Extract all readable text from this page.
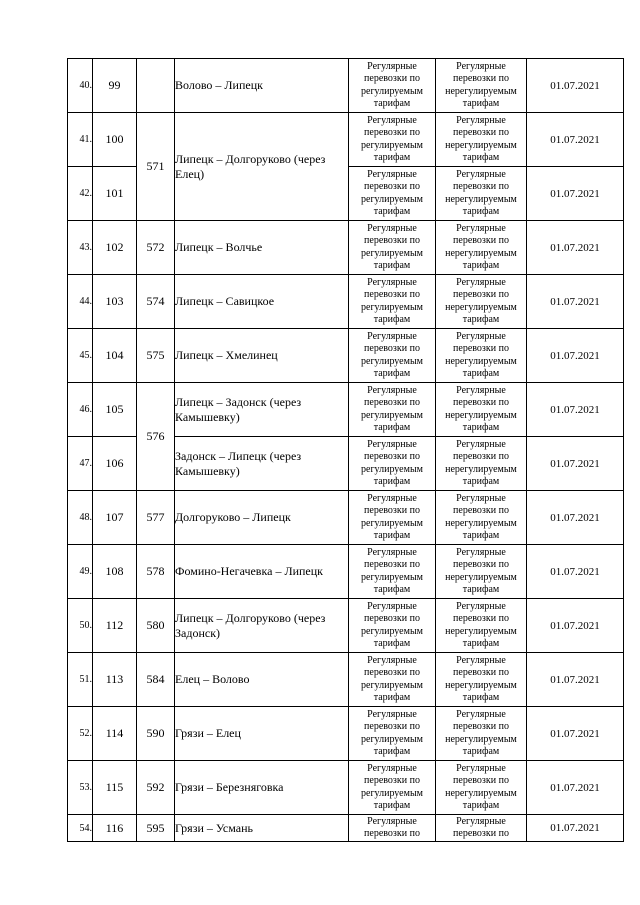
40.	99		Волово – Липецк	Регулярные перевозки по регулируемым тарифам	Регулярные перевозки по нерегулируемым тарифам	01.07.2021
41.	100	571	Липецк – Долгоруково (через Елец)	Регулярные перевозки по регулируемым тарифам	Регулярные перевозки по нерегулируемым тарифам	01.07.2021
42.	101			Регулярные перевозки по регулируемым тарифам	Регулярные перевозки по нерегулируемым тарифам	01.07.2021
43.	102	572	Липецк – Волчье	Регулярные перевозки по регулируемым тарифам	Регулярные перевозки по нерегулируемым тарифам	01.07.2021
44.	103	574	Липецк – Савицкое	Регулярные перевозки по регулируемым тарифам	Регулярные перевозки по нерегулируемым тарифам	01.07.2021
45.	104	575	Липецк – Хмелинец	Регулярные перевозки по регулируемым тарифам	Регулярные перевозки по нерегулируемым тарифам	01.07.2021
46.	105	576	Липецк – Задонск (через Камышевку)	Регулярные перевозки по регулируемым тарифам	Регулярные перевозки по нерегулируемым тарифам	01.07.2021
47.	106		Задонск – Липецк (через Камышевку)	Регулярные перевозки по регулируемым тарифам	Регулярные перевозки по нерегулируемым тарифам	01.07.2021
48.	107	577	Долгоруково – Липецк	Регулярные перевозки по регулируемым тарифам	Регулярные перевозки по нерегулируемым тарифам	01.07.2021
49.	108	578	Фомино-Негачевка – Липецк	Регулярные перевозки по регулируемым тарифам	Регулярные перевозки по нерегулируемым тарифам	01.07.2021
50.	112	580	Липецк – Долгоруково (через Задонск)	Регулярные перевозки по регулируемым тарифам	Регулярные перевозки по нерегулируемым тарифам	01.07.2021
51.	113	584	Елец – Волово	Регулярные перевозки по регулируемым тарифам	Регулярные перевозки по нерегулируемым тарифам	01.07.2021
52.	114	590	Грязи – Елец	Регулярные перевозки по регулируемым тарифам	Регулярные перевозки по нерегулируемым тарифам	01.07.2021
53.	115	592	Грязи – Березняговка	Регулярные перевозки по регулируемым тарифам	Регулярные перевозки по нерегулируемым тарифам	01.07.2021
54.	116	595	Грязи – Усмань	Регулярные перевозки по	Регулярные перевозки по	01.07.2021
